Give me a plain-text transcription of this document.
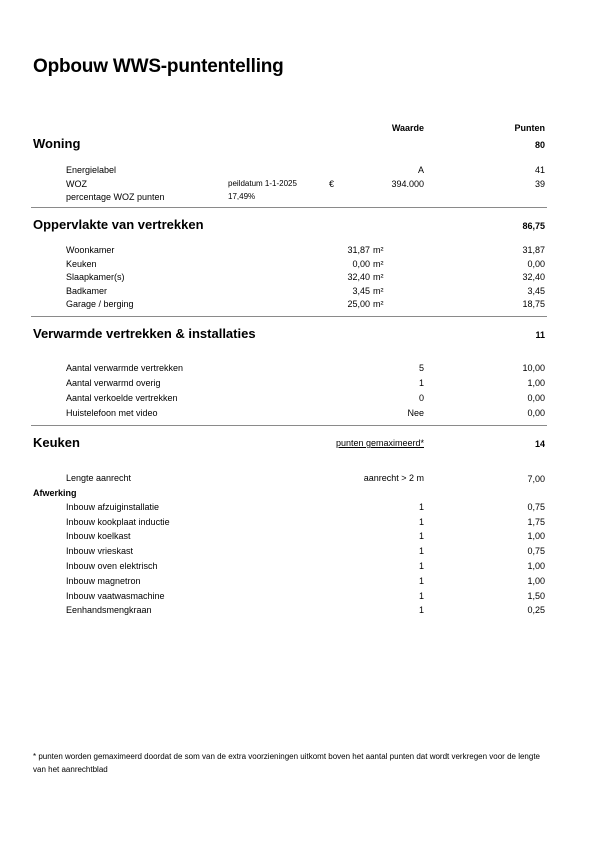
Opbouw WWS-puntentelling
Waarde	Punten
Woning	80
Energielabel	A	41
WOZ	peildatum 1-1-2025	€	394.000	39
percentage WOZ punten	17,49%
Oppervlakte van vertrekken	86,75
Woonkamer	31,87 m²	31,87
Keuken	0,00 m²	0,00
Slaapkamer(s)	32,40 m²	32,40
Badkamer	3,45 m²	3,45
Garage / berging	25,00 m²	18,75
Verwarmde vertrekken & installaties	11
Aantal verwarmde vertrekken	5	10,00
Aantal verwarmd overig	1	1,00
Aantal verkoelde vertrekken	0	0,00
Huistelefoon met video	Nee	0,00
Keuken	punten gemaximeerd*	14
Lengte aanrecht	aanrecht > 2 m	7,00
Afwerking
Inbouw afzuiginstallatie	1	0,75
Inbouw kookplaat inductie	1	1,75
Inbouw koelkast	1	1,00
Inbouw vrieskast	1	0,75
Inbouw oven elektrisch	1	1,00
Inbouw magnetron	1	1,00
Inbouw vaatwasmachine	1	1,50
Eenhandsmengkraan	1	0,25
* punten worden gemaximeerd doordat de som van de extra voorzieningen uitkomt boven het aantal punten dat wordt verkregen voor de lengte van het aanrechtblad
